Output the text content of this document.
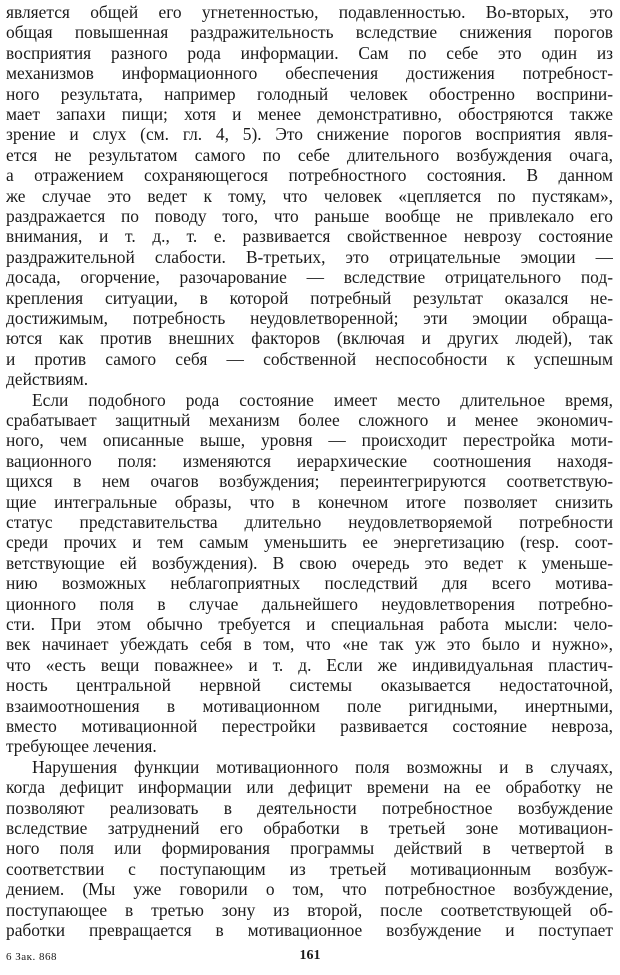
является общей его угнетенностью, подавленностью. Во-вторых, это
общая повышенная раздражительность вследствие снижения порогов
восприятия разного рода информации. Сам по себе это один из
механизмов информационного обеспечения достижения потребност-
ного результата, например голодный человек обостренно восприни-
мает запахи пищи; хотя и менее демонстративно, обостряются также
зрение и слух (см. гл. 4, 5). Это снижение порогов восприятия явля-
ется не результатом самого по себе длительного возбуждения очага,
а отражением сохраняющегося потребностного состояния. В данном
же случае это ведет к тому, что человек «цепляется по пустякам»,
раздражается по поводу того, что раньше вообще не привлекало его
внимания, и т. д., т. е. развивается свойственное неврозу состояние
раздражительной слабости. В-третьих, это отрицательные эмоции —
досада, огорчение, разочарование — вследствие отрицательного под-
крепления ситуации, в которой потребный результат оказался не-
достижимым, потребность неудовлетворенной; эти эмоции обраща-
ются как против внешних факторов (включая и других людей), так
и против самого себя — собственной неспособности к успешным
действиям.
Если подобного рода состояние имеет место длительное время,
срабатывает защитный механизм более сложного и менее экономич-
ного, чем описанные выше, уровня — происходит перестройка моти-
вационного поля: изменяются иерархические соотношения находя-
щихся в нем очагов возбуждения; переинтегрируются соответствую-
щие интегральные образы, что в конечном итоге позволяет снизить
статус представительства длительно неудовлетворяемой потребности
среди прочих и тем самым уменьшить ее энергетизацию (resp. соот-
ветствующие ей возбуждения). В свою очередь это ведет к уменьше-
нию возможных неблагоприятных последствий для всего мотива-
ционного поля в случае дальнейшего неудовлетворения потребно-
сти. При этом обычно требуется и специальная работа мысли: чело-
век начинает убеждать себя в том, что «не так уж это было и нужно»,
что «есть вещи поважнее» и т. д. Если же индивидуальная пластич-
ность центральной нервной системы оказывается недостаточной,
взаимоотношения в мотивационном поле ригидными, инертными,
вместо мотивационной перестройки развивается состояние невроза,
требующее лечения.
Нарушения функции мотивационного поля возможны и в случаях,
когда дефицит информации или дефицит времени на ее обработку не
позволяют реализовать в деятельности потребностное возбуждение
вследствие затруднений его обработки в третьей зоне мотивацион-
ного поля или формирования программы действий в четвертой в
соответствии с поступающим из третьей мотивационным возбуж-
дением. (Мы уже говорили о том, что потребностное возбуждение,
поступающее в третью зону из второй, после соответствующей об-
работки превращается в мотивационное возбуждение и поступает
6 Зак. 868	161
